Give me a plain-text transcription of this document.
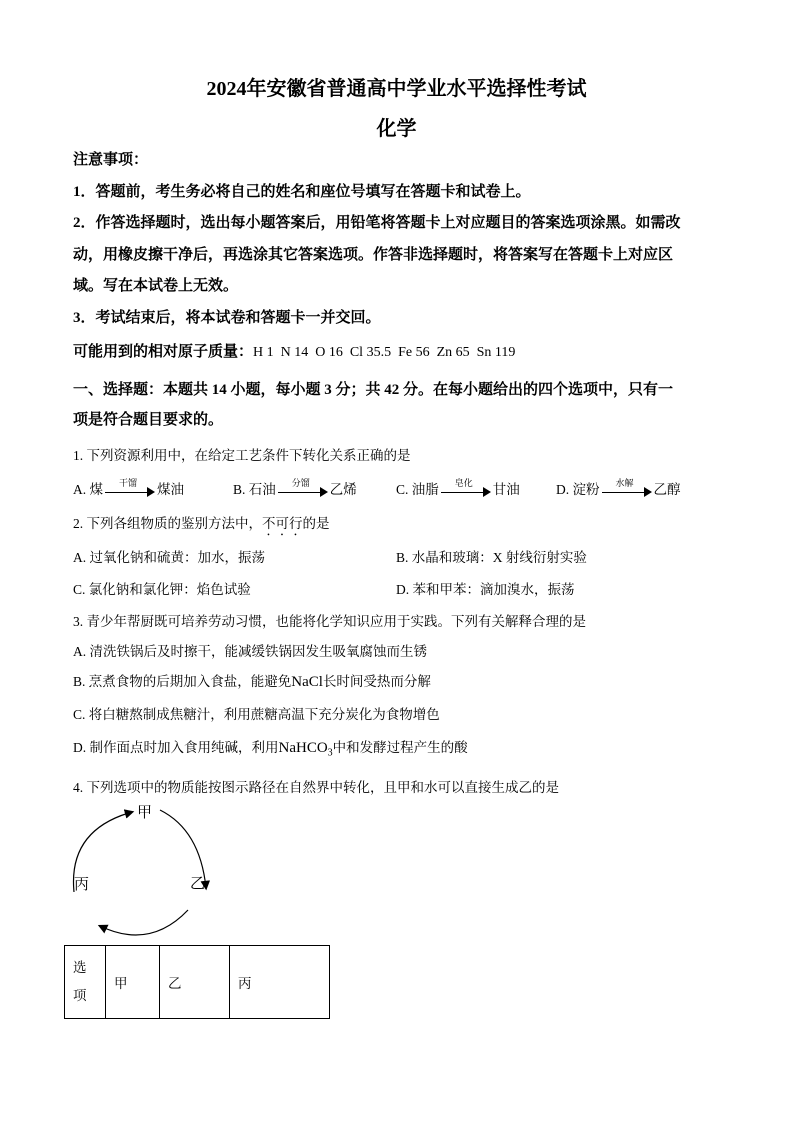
2024年安徽省普通高中学业水平选择性考试
化学
注意事项：
1．答题前，考生务必将自己的姓名和座位号填写在答题卡和试卷上。
2．作答选择题时，选出每小题答案后，用铅笔将答题卡上对应题目的答案选项涂黑。如需改
动，用橡皮擦干净后，再选涂其它答案选项。作答非选择题时，将答案写在答题卡上对应区
域。写在本试卷上无效。
3．考试结束后，将本试卷和答题卡一并交回。
可能用到的相对原子质量：H 1  N 14  O 16  Cl 35.5  Fe 56  Zn 65  Sn 119
一、选择题：本题共 14 小题，每小题 3 分；共 42 分。在每小题给出的四个选项中，只有一
项是符合题目要求的。
1. 下列资源利用中，在给定工艺条件下转化关系正确的是
A. 煤	干馏	煤油	B. 石油	分馏	乙烯	C. 油脂	皂化	甘油	D. 淀粉	水解	乙醇
2. 下列各组物质的鉴别方法中，不可行的是
A. 过氧化钠和硫黄：加水，振荡	B. 水晶和玻璃：X 射线衍射实验
C. 氯化钠和氯化钾：焰色试验	D. 苯和甲苯：滴加溴水，振荡
3. 青少年帮厨既可培养劳动习惯，也能将化学知识应用于实践。下列有关解释合理的是
A. 清洗铁锅后及时擦干，能减缓铁锅因发生吸氧腐蚀而生锈
B. 烹煮食物的后期加入食盐，能避免NaCl长时间受热而分解
C. 将白糖熬制成焦糖汁，利用蔗糖高温下充分炭化为食物增色
D. 制作面点时加入食用纯碱，利用NaHCO$_3$中和发酵过程产生的酸
4. 下列选项中的物质能按图示路径在自然界中转化，且甲和水可以直接生成乙的是
甲
乙
丙
选
项	甲	乙	丙
